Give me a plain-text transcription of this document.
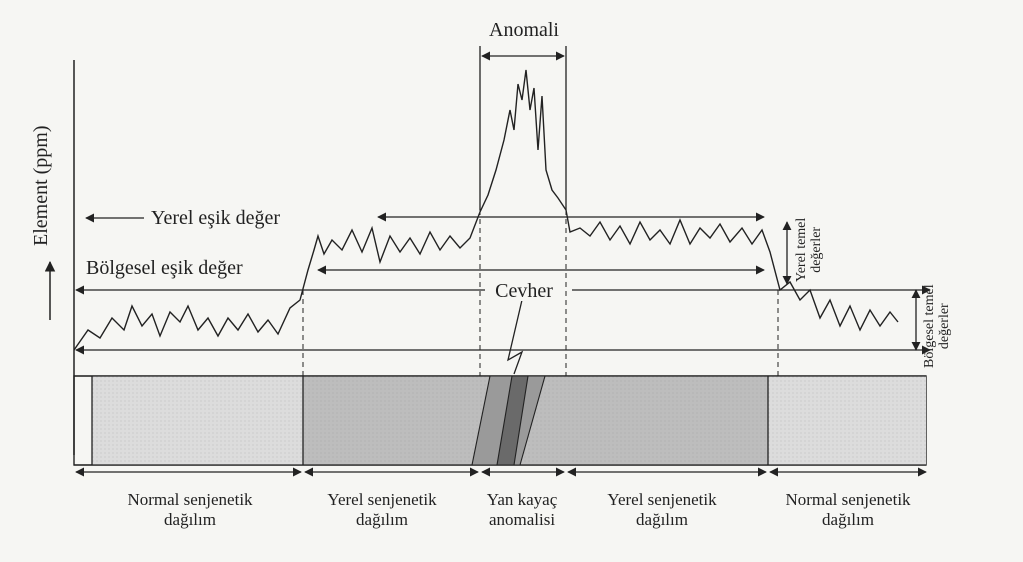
Anomali
Element (ppm)	Yerel eşik değer
Bölgesel eşik değer
Cevher
Yerel temel değerler
Bölgesel temel değerler
Normal senjenetik
dağılım
Yerel senjenetik
dağılım
Yan kayaç
anomalisi
Yerel senjenetik
dağılım
Normal senjenetik
dağılım
